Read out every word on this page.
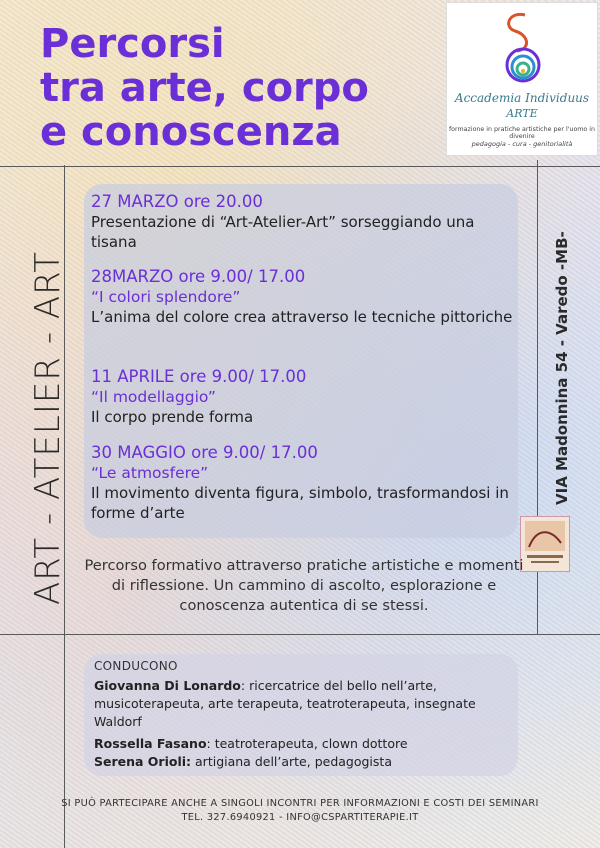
Percorsi
tra arte, corpo
e conoscenza
Accademia Individuus
ARTE
formazione in pratiche artistiche per l'uomo in divenire
pedagogia - cura - genitorialità
ART - ATELIER - ART	VIA Madonnina 54 - Varedo -MB-
27 MARZO ore 20.00
Presentazione di “Art-Atelier-Art” sorseggiando una tisana
28MARZO ore 9.00/ 17.00
“I colori splendore”
L’anima del colore crea attraverso le tecniche pittoriche
11 APRILE ore 9.00/ 17.00
“Il modellaggio”
Il corpo prende forma
30 MAGGIO ore 9.00/ 17.00
“Le atmosfere”
Il movimento diventa figura, simbolo, trasformandosi in forme d’arte
Percorso formativo attraverso pratiche artistiche e momenti di riflessione. Un cammino di ascolto, esplorazione e conoscenza autentica di se stessi.
CONDUCONO
Giovanna Di Lonardo: ricercatrice del bello nell’arte, musicoterapeuta, arte terapeuta, teatroterapeuta, insegnate Waldorf
Rossella Fasano: teatroterapeuta, clown dottore
Serena Orioli: artigiana dell’arte, pedagogista
SI PUÒ PARTECIPARE ANCHE A SINGOLI INCONTRI PER INFORMAZIONI E COSTI DEI SEMINARI
TEL. 327.6940921 - INFO@CSPARTITERAPIE.IT
